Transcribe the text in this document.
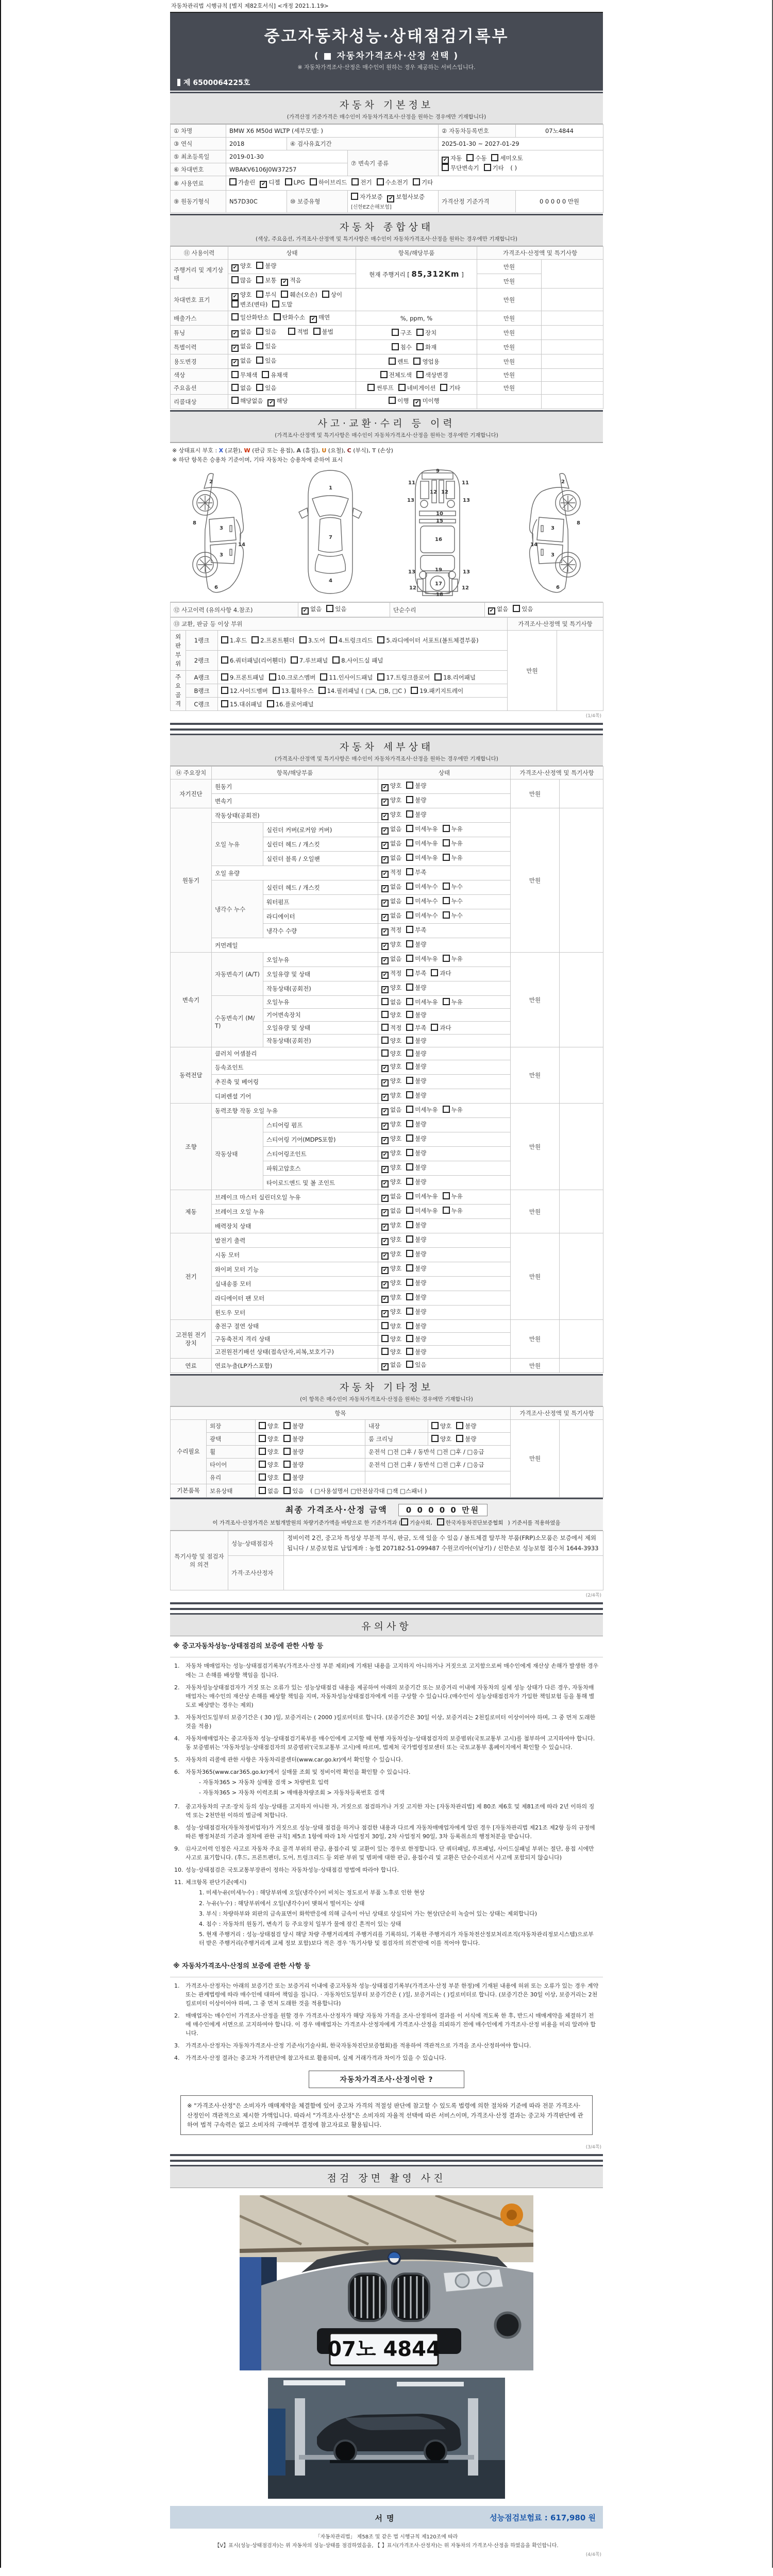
자동차관리법 시행규칙 [별지 제82호서식] <개정 2021.1.19>
중고자동차성능·상태점검기록부
( ■ 자동차가격조사·산정 선택 )
※ 자동차가격조사·산정은 매수인이 원하는 경우 제공하는 서비스입니다.
제 6500064225호
자동차 기본정보
(가격산정 기준가격은 매수인이 자동차가격조사·산정을 원하는 경우에만 기재합니다)
① 차명	BMW X6 M50d WLTP (세부모델: )			② 자동차등록번호	07노4844
③ 연식	2018	④ 검사유효기간		2025-01-30 ~ 2027-01-29	
⑤ 최초등록일	2019-01-30		⑦ 변속기 종류	✔ 자동 수동 세미오토
무단변속기 기타 ( )	
⑥ 차대번호	WBAKV6106J0W37257				
⑧ 사용연료	가솔린 ✔ 디젤 LPG 하이브리드 전기 수소전기 기타				
⑨ 원동기형식	N57D30C	⑩ 보증유형	자가보증 ✔ 보험사보증 [신한EZ손해보험]	가격산정 기준가격	0 0 0 0 0 만원
자동차 종합상태
(색상, 주요옵션, 가격조사·산정액 및 특기사항은 매수인이 자동차가격조사·산정을 원하는 경우에만 기재합니다)
⑪ 사용이력	상태	항목/해당부품	가격조사·산정액 및 특기사항	
주행거리 및 계기상태	✔ 양호 불량	현재 주행거리 [ 85,312Km ]	만원	
	많음 보통 ✔ 적음		만원	
차대번호 표기	✔ 양호 부식 훼손(오손) 상이변조(변타) 도말		만원	
배출가스	일산화탄소 탄화수소 ✔ 매연	%, ppm, %	만원	
튜닝	✔ 없음 있음 적법 불법	구조 장치	만원	
특별이력	✔ 없음 있음	침수 화재	만원	
용도변경	✔ 없음 있음	렌트 영업용	만원	
색상	무채색 유채색	전체도색 색상변경	만원	
주요옵션	없음 있음	썬루프 네비게이션 기타	만원	
리콜대상	해당없음 ✔ 해당	이행 ✔ 미이행		
사고·교환·수리 등 이력
(가격조사·산정액 및 특기사항은 매수인이 자동차가격조사·산정을 원하는 경우에만 기재합니다)
※ 상태표시 부호 : X (교환), W (판금 또는 용접), A (흠집), U (요철), C (부식), T (손상)
※ 하단 항목은 승용차 기준이며, 기타 자동차는 승용차에 준하여 표시
2
8
3
14
3
6
1
7
4
9
11	11
13	13
12 12
10
15
16
13	13
19
17
12	12
18
2
8
3
14
3
6
⑫ 사고이력 (유의사항 4.참조)	✔ 없음 있음	단순수리	✔ 없음 있음
⑬ 교환, 판금 등 이상 부위			가격조사·산정액 및 특기사항	
외
판
부
위	1랭크	1.후드 2.프론트휀더 3.도어 4.트렁크리드 5.라디에이터 서포트(볼트체결부품)	만원	
	2랭크	6.쿼터패널(리어휀더) 7.루브패널 8.사이드실 패널		
주
요
골
격	A랭크	9.프론트패널 10.크로스멤버 11.인사이드패널 17.트렁크플로어 18.리어패널		
	B랭크	12.사이드멤버 13.휠하우스 14.필러패널 ( □A, □B, □C ) 19.패키지트레이		
	C랭크	15.대쉬패널 16.플로어패널		
(1/4쪽)
자동차 세부상태
(가격조사·산정액 및 특기사항은 매수인이 자동차가격조사·산정을 원하는 경우에만 기재합니다)
⑭ 주요장치	항목/해당부품		상태	가격조사·산정액 및 특기사항	
자기진단	원동기		✔ 양호 불량	만원	
	변속기		✔ 양호 불량		
원동기	작동상태(공회전)		✔ 양호 불량	만원	
	오일 누유	실린더 커버(로커암 커버)	✔ 없음 미세누유 누유		
		실린더 헤드 / 개스킷	✔ 없음 미세누유 누유		
		실린더 블록 / 오일팬	✔ 없음 미세누유 누유		
	오일 유량		✔ 적정 부족		
	냉각수 누수	실린더 헤드 / 개스킷	✔ 없음 미세누수 누수		
		워터펌프	✔ 없음 미세누수 누수		
		라디에이터	✔ 없음 미세누수 누수		
		냉각수 수량	✔ 적정 부족		
	커먼레일		✔ 양호 불량		
변속기	자동변속기 (A/T)	오일누유	✔ 없음 미세누유 누유	만원	
		오일유량 및 상태	✔ 적정 부족 과다		
		작동상태(공회전)	✔ 양호 불량		
	수동변속기 (M/T)	오일누유	없음 미세누유 누유		
		기어변속장치	양호 불량		
		오일유량 및 상태	적정 부족 과다		
		작동상태(공회전)	양호 불량		
동력전달	클러치 어셈블리		양호 불량	만원	
	등속죠인트		✔ 양호 불량		
	추진축 및 베어링		✔ 양호 불량		
	디퍼렌셜 기어		✔ 양호 불량		
조향	동력조향 작동 오일 누유		✔ 없음 미세누유 누유	만원	
	작동상태	스티어링 펌프	✔ 양호 불량		
		스티어링 기어(MDPS포함)	✔ 양호 불량		
		스티어링조인트	✔ 양호 불량		
		파워고압호스	✔ 양호 불량		
		타이로드엔드 및 볼 조인트	✔ 양호 불량		
제동	브레이크 마스터 실린더오일 누유		✔ 없음 미세누유 누유	만원	
	브레이크 오일 누유		✔ 없음 미세누유 누유		
	배력장치 상태		✔ 양호 불량		
전기	발전기 출력		✔ 양호 불량	만원	
	시동 모터		✔ 양호 불량		
	와이퍼 모터 기능		✔ 양호 불량		
	실내송풍 모터		✔ 양호 불량		
	라디에이터 팬 모터		✔ 양호 불량		
	윈도우 모터		✔ 양호 불량		
고전원 전기장치	충전구 절연 상태		양호 불량	만원	
	구동축전지 격리 상태		양호 불량		
	고전원전기배선 상태(접속단자,피복,보호기구)		양호 불량		
연료	연료누출(LP가스포함)		✔ 없음 있음	만원	
자동차 기타정보
(이 항목은 매수인이 자동차가격조사·산정을 원하는 경우에만 기재합니다)
항목					가격조사·산정액 및 특기사항	
수리필요	외장	양호 불량	내장	양호 불량	만원	
	광택	양호 불량	룸 크리닝	양호 불량		
	휠	양호 불량	운전석 □전 □후 / 동반석 □전 □후 / □응급			
	타이어	양호 불량	운전석 □전 □후 / 동반석 □전 □후 / □응급			
	유리	양호 불량				
기본품목	보유상태	없음 있음 ( □사용설명서 □안전삼각대 □잭 □스패너 )				
최종 가격조사·산정 금액 0 0 0 0 0 만원
이 가격조사·산정가격은 보험개발원의 차량기준가액을 바탕으로 한 기준가격과 ( 기술사회, 한국자동차진단보증협회 ) 기준서를 적용하였음
특기사항 및 점검자의 의견	성능·상태점검자	정비이력 2건, 중고차 특성상 부분적 부식, 판금, 도색 있을 수 있음 / 볼트체결 탈부착 부품(FRP)소모품은 보증에서 제외됩니다 / 보증보험료 납입계좌 : 농협 207182-51-099487 수원코리아(이남기) / 신한손보 성능보험 접수처 1644-3933
	가격·조사산정자	
(2/4쪽)
유의사항
※ 중고자동차성능·상태점검의 보증에 관한 사항 등
1.	자동차 매매업자는 성능·상태점검기록부(가격조사·산정 부분 제외)에 기재된 내용을 고지하지 아니하거나 거짓으로 고지함으로써 매수인에게 재산상 손해가 발생한 경우에는 그 손해를 배상할 책임을 집니다.
2.	자동차성능상태점검자가 거짓 또는 오류가 있는 성능상태점검 내용을 제공하여 아래의 보증기간 또는 보증거리 이내에 자동차의 실제 성능 상태가 다른 경우, 자동차매매업자는 매수인의 재산상 손해를 배상할 책임을 지며, 자동차성능상태점검자에게 이를 구상할 수 있습니다.(매수인이 성능상태점검자가 가입한 책임보험 등을 통해 별도로 배상받는 경우는 제외)
3.	자동차인도일부터 보증기간은 ( 30 )일, 보증거리는 ( 2000 )킬로미터로 합니다. (보증기간은 30일 이상, 보증거리는 2천킬로미터 이상이어야 하며, 그 중 먼저 도래한 것을 적용)
4.	자동차매매업자는 중고자동차 성능·상태점검기록부를 매수인에게 고지할 때 현행 자동차성능·상태점검자의 보증범위(국토교통부 고시)를 첨부하여 고지하여야 합니다. 동 보증범위는 '자동차성능·상태점검자의 보증범위'(국토교통부 고시)에 따르며, 법제처 국가법령정보센터 또는 국토교통부 홈페이지에서 확인할 수 있습니다.
5.	자동차의 리콜에 관한 사항은 자동차리콜센터(www.car.go.kr)에서 확인할 수 있습니다.
6.	자동차365(www.car365.go.kr)에서 실매물 조회 및 정비이력 확인을 확인할 수 있습니다.
- 자동차365 > 자동차 실매물 검색 > 차량번호 입력
- 자동차365 > 자동차 이력조회 > 매매용차량조회 > 자동차등록번호 검색
7.	중고자동차의 구조·장치 등의 성능·상태를 고지하지 아니한 자, 거짓으로 점검하거나 거짓 고지한 자는 [자동차관리법] 제 80조 제6호 및 제81조에 따라 2년 이하의 징역 또는 2천만원 이하의 벌금에 처합니다.
8.	성능·상태점검자(자동차정비업자)가 거짓으로 성능·상태 점검을 하거나 점검한 내용과 다르게 자동차매매업자에게 알린 경우 [자동차관리법 제21조 제2항 등의 규정에 따른 행정처분의 기준과 절차에 관한 규칙] 제5조 1항에 따라 1차 사업정지 30일, 2차 사업정지 90일, 3차 등록취소의 행정처분을 받습니다.
9.	⑫사고이력 인정은 사고로 자동차 주요 골격 부위의 판금, 용접수리 및 교환이 있는 경우로 한정합니다. 단 쿼터패널, 루프패널, 사이드실패널 부위는 절단, 용접 시에만 사고로 표기합니다. (후드, 프론트펜더, 도어, 트렁크리드 등 외판 부위 및 범퍼에 대한 판금, 용접수리 및 교환은 단순수리로서 사고에 포함되지 않습니다)
10. 성능·상태점검은 국토교통부장관이 정하는 자동차성능·상태점검 방법에 따라야 합니다.
11. 체크항목 판단기준(예시)
1. 미세누유(미세누수) : 해당부위에 오일(냉각수)이 비치는 정도로서 부품 노후로 인한 현상
2. 누유(누수) : 해당부위에서 오일(냉각수)이 맺혀서 떨어지는 상태
3. 부식 : 차량하부와 외판의 금속표면이 화학반응에 의해 금속이 아닌 상태로 상실되어 가는 현상(단순히 녹슬어 있는 상태는 제외합니다)
4. 침수 : 자동차의 원동기, 변속기 등 주요장치 일부가 물에 잠긴 흔적이 있는 상태
5. 현재 주행거리 : 성능·상태점검 당시 해당 차량 주행거리계의 주행거리를 기록하되, 기록한 주행거리가 자동차전산정보처리조직(자동차관리정보시스템)으로부터 받은 주행거리(주행거리계 교체 정보 포함)보다 적은 경우 '특기사항 및 점검자의 의견'란에 이를 적어야 합니다.
※ 자동차가격조사·산정의 보증에 관한 사항 등
1.	가격조사·산정자는 아래의 보증기간 또는 보증거리 이내에 중고자동차 성능·상태점검기록부(가격조사·산정 부분 한정)에 기재된 내용에 허위 또는 오류가 있는 경우 계약 또는 관계법령에 따라 매수인에 대하여 책임을 집니다. · 자동차인도일부터 보증기간은 ( )일, 보증거리는 ( )킬로미터로 합니다. (보증기간은 30일 이상, 보증거리는 2천킬로미터 이상이어야 하며, 그 중 먼저 도래한 것을 적용합니다)
2.	매매업자는 매수인이 가격조사·산정을 원할 경우 가격조사·산정자가 해당 자동차 가격을 조사·산정하여 결과를 이 서식에 적도록 한 후, 반드시 매매계약을 체결하기 전에 매수인에게 서면으로 고지하여야 합니다. 이 경우 매매업자는 가격조사·산정자에게 가격조사·산정을 의뢰하기 전에 매수인에게 가격조사·산정 비용을 미리 알려야 합니다.
3.	가격조사·산정자는 자동차가격조사·산정 기준서(기술사회, 한국자동차진단보증협회)를 적용하여 객관적으로 가격을 조사·산정하여야 합니다.
4.	가격조사·산정 결과는 중고차 가격판단에 참고자료로 활용되며, 실제 거래가격과 차이가 있을 수 있습니다.
자동차가격조사·산정이란 ?
※ "가격조사·산정"은 소비자가 매매계약을 체결함에 있어 중고차 가격의 적절성 판단에 참고할 수 있도록 법령에 의한 절차와 기준에 따라 전문 가격조사·산정인이 객관적으로 제시한 가액입니다. 따라서 "가격조사·산정"은 소비자의 자율적 선택에 따른 서비스이며, 가격조사·산정 결과는 중고차 가격판단에 관하여 법적 구속력은 없고 소비자의 구매여부 결정에 참고자료로 활용됩니다.
(3/4쪽)
점검 장면 촬영 사진
07노 4844
서명	성능점검보험료 : 617,980 원
「자동차관리법」 제58조 및 같은 법 시행규칙 제120조에 따라
【Ⅴ】표시(성능·상태점검자)는 위 자동차의 성능·상태를 점검하였음을, 【 】표시(가격조사·산정자)는 위 자동차의 가격조사·산정을 하였음을 확인합니다.
(4/4쪽)
